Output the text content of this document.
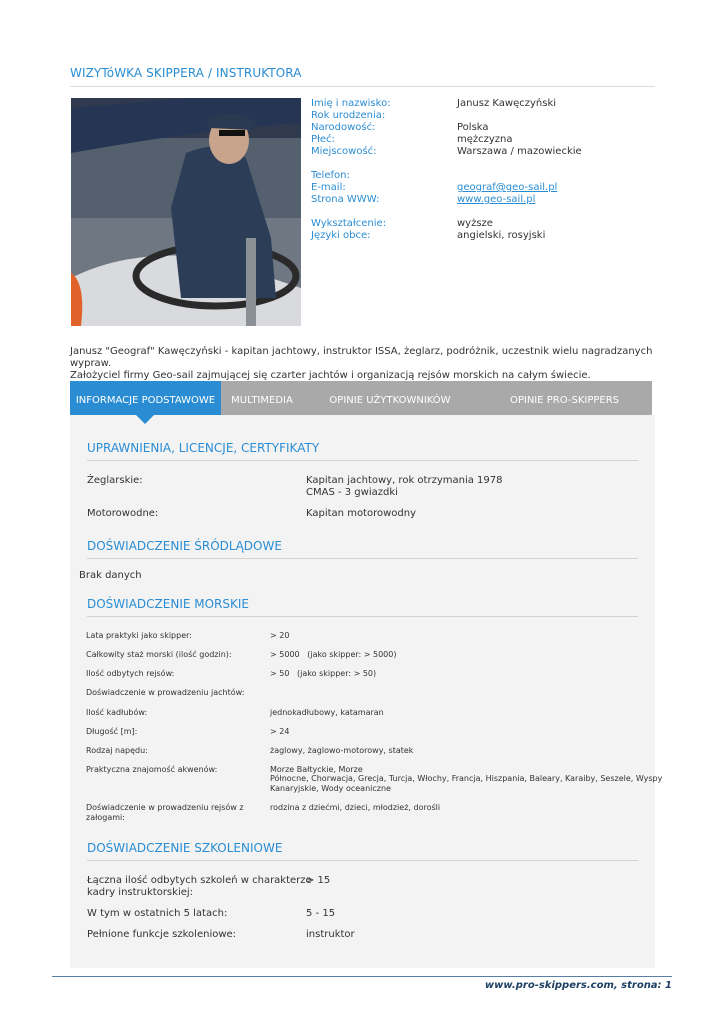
WIZYTóWKA SKIPPERA / INSTRUKTORA
Imię i nazwisko:	Janusz Kawęczyński
Rok urodzenia:
Narodowość:	Polska
Płeć:	mężczyzna
Miejscowość:	Warszawa / mazowieckie
Telefon:
E-mail:	geograf@geo-sail.pl
Strona WWW:	www.geo-sail.pl
Wykształcenie:	wyższe
Języki obce:	angielski, rosyjski
Janusz "Geograf" Kawęczyński - kapitan jachtowy, instruktor ISSA, żeglarz, podróżnik, uczestnik wielu nagradzanych wypraw.
Założyciel firmy Geo-sail zajmującej się czarter jachtów i organizacją rejsów morskich na całym świecie.
INFORMACJE PODSTAWOWE	MULTIMEDIA	OPINIE UŻYTKOWNIKÓW	OPINIE PRO-SKIPPERS
UPRAWNIENIA, LICENCJE, CERTYFIKATY
Żeglarskie:	Kapitan jachtowy, rok otrzymania 1978
CMAS - 3 gwiazdki
Motorowodne:	Kapitan motorowodny
DOŚWIADCZENIE ŚRÓDLĄDOWE
Brak danych
DOŚWIADCZENIE MORSKIE
Lata praktyki jako skipper:	> 20
Całkowity staż morski (ilość godzin):	> 5000   (jako skipper: > 5000)
Ilość odbytych rejsów:	> 50   (jako skipper: > 50)
Doświadczenie w prowadzeniu jachtów:
Ilość kadłubów:	jednokadłubowy, katamaran
Długość [m]:	> 24
Rodzaj napędu:	żaglowy, żaglowo-motorowy, statek
Praktyczna znajomość akwenów:	Morze Bałtyckie, Morze
Północne, Chorwacja, Grecja, Turcja, Włochy, Francja, Hiszpania, Baleary, Karaiby, Seszele, Wyspy
Kanaryjskie, Wody oceaniczne
Doświadczenie w prowadzeniu rejsów z
załogami:
rodzina z dziećmi, dzieci, młodzież, dorośli
DOŚWIADCZENIE SZKOLENIOWE
Łączna ilość odbytych szkoleń w charakterze
kadry instruktorskiej:
> 15
W tym w ostatnich 5 latach:	5 - 15
Pełnione funkcje szkoleniowe:	instruktor
www.pro-skippers.com, strona: 1
